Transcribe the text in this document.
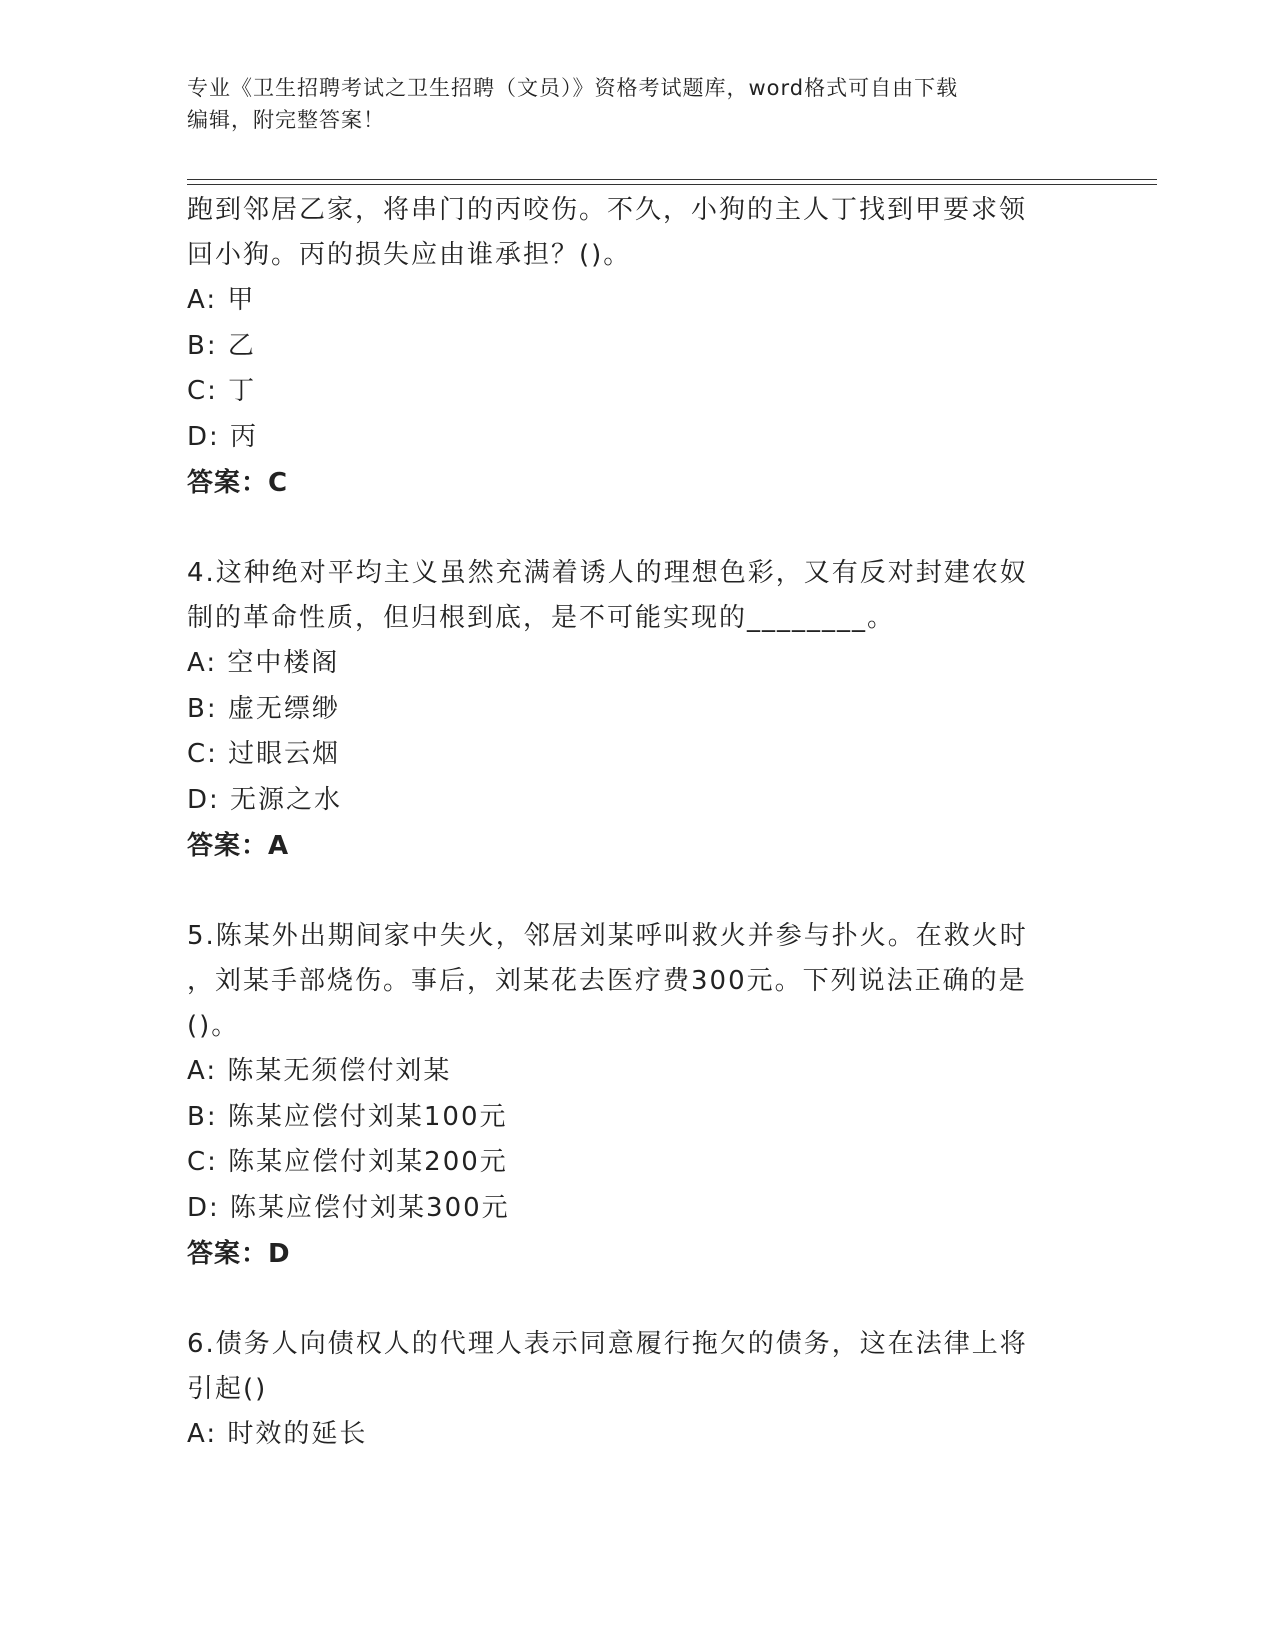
专业《卫生招聘考试之卫生招聘（文员）》资格考试题库，word格式可自由下载
编辑，附完整答案！
跑到邻居乙家，将串门的丙咬伤。不久，小狗的主人丁找到甲要求领
回小狗。丙的损失应由谁承担？()。
A: 甲
B: 乙
C: 丁
D: 丙
答案：C
4.这种绝对平均主义虽然充满着诱人的理想色彩，又有反对封建农奴
制的革命性质，但归根到底，是不可能实现的________。
A: 空中楼阁
B: 虚无缥缈
C: 过眼云烟
D: 无源之水
答案：A
5.陈某外出期间家中失火，邻居刘某呼叫救火并参与扑火。在救火时
，刘某手部烧伤。事后，刘某花去医疗费300元。下列说法正确的是
()。
A: 陈某无须偿付刘某
B: 陈某应偿付刘某100元
C: 陈某应偿付刘某200元
D: 陈某应偿付刘某300元
答案：D
6.债务人向债权人的代理人表示同意履行拖欠的债务，这在法律上将
引起()
A: 时效的延长
